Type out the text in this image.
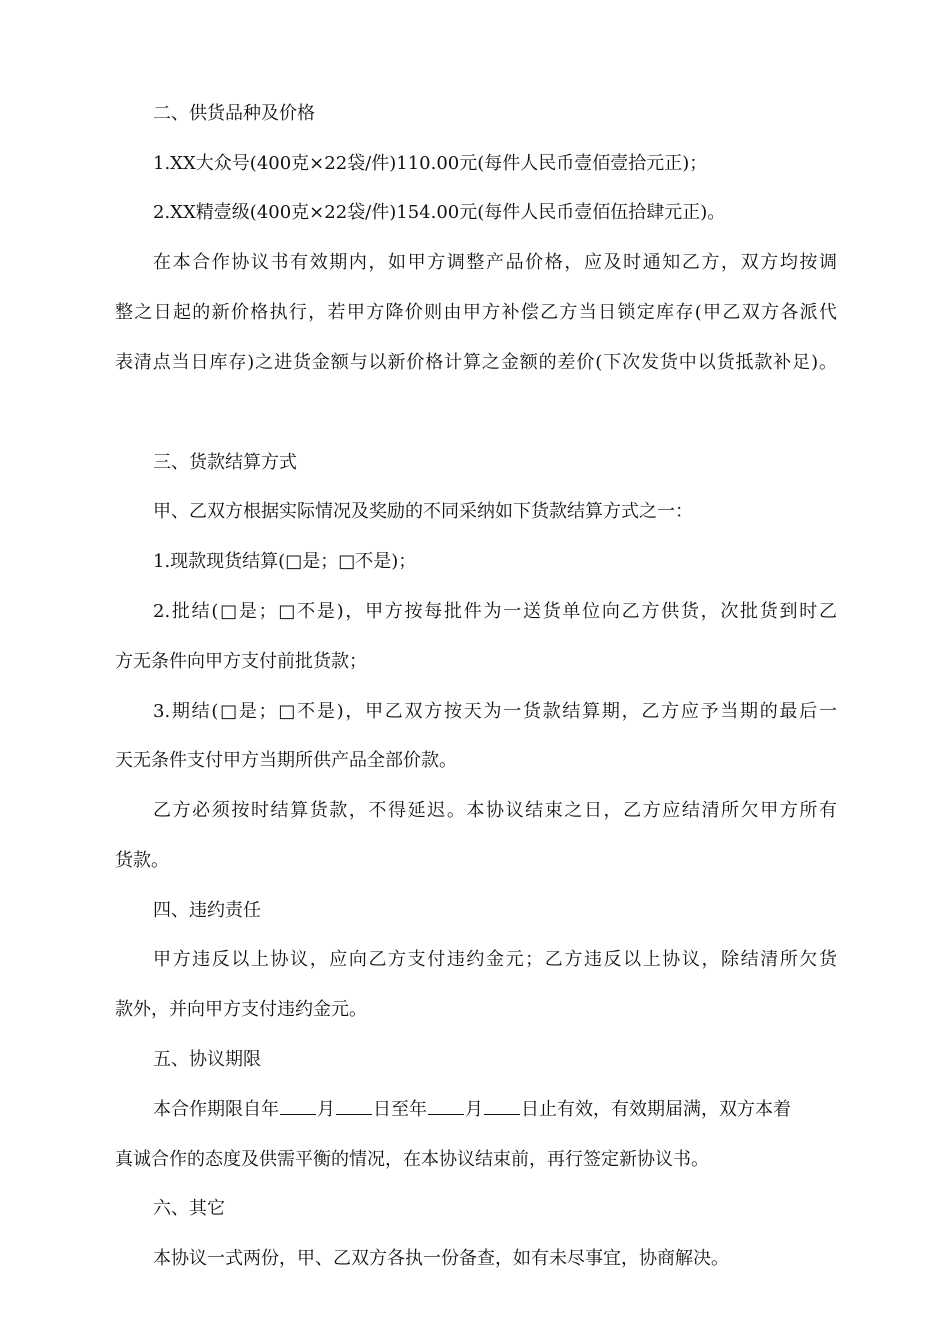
二、供货品种及价格
1.XX大众号(400克×22袋/件)110.00元(每件人民币壹佰壹拾元正)；
2.XX精壹级(400克×22袋/件)154.00元(每件人民币壹佰伍拾肆元正)。
在本合作协议书有效期内，如甲方调整产品价格，应及时通知乙方，双方均按调
整之日起的新价格执行，若甲方降价则由甲方补偿乙方当日锁定库存(甲乙双方各派代
表清点当日库存)之进货金额与以新价格计算之金额的差价(下次发货中以货抵款补足)。
三、货款结算方式
甲、乙双方根据实际情况及奖励的不同采纳如下货款结算方式之一：
1.现款现货结算(□是；□不是)；
2.批结(□是；□不是)，甲方按每批件为一送货单位向乙方供货，次批货到时乙
方无条件向甲方支付前批货款；
3.期结(□是；□不是)，甲乙双方按天为一货款结算期，乙方应予当期的最后一
天无条件支付甲方当期所供产品全部价款。
乙方必须按时结算货款，不得延迟。本协议结束之日，乙方应结清所欠甲方所有
货款。
四、违约责任
甲方违反以上协议，应向乙方支付违约金元；乙方违反以上协议，除结清所欠货
款外，并向甲方支付违约金元。
五、协议期限
本合作期限自年 月 日至年 月 日止有效，有效期届满，双方本着
真诚合作的态度及供需平衡的情况，在本协议结束前，再行签定新协议书。
六、其它
本协议一式两份，甲、乙双方各执一份备查，如有未尽事宜，协商解决。
